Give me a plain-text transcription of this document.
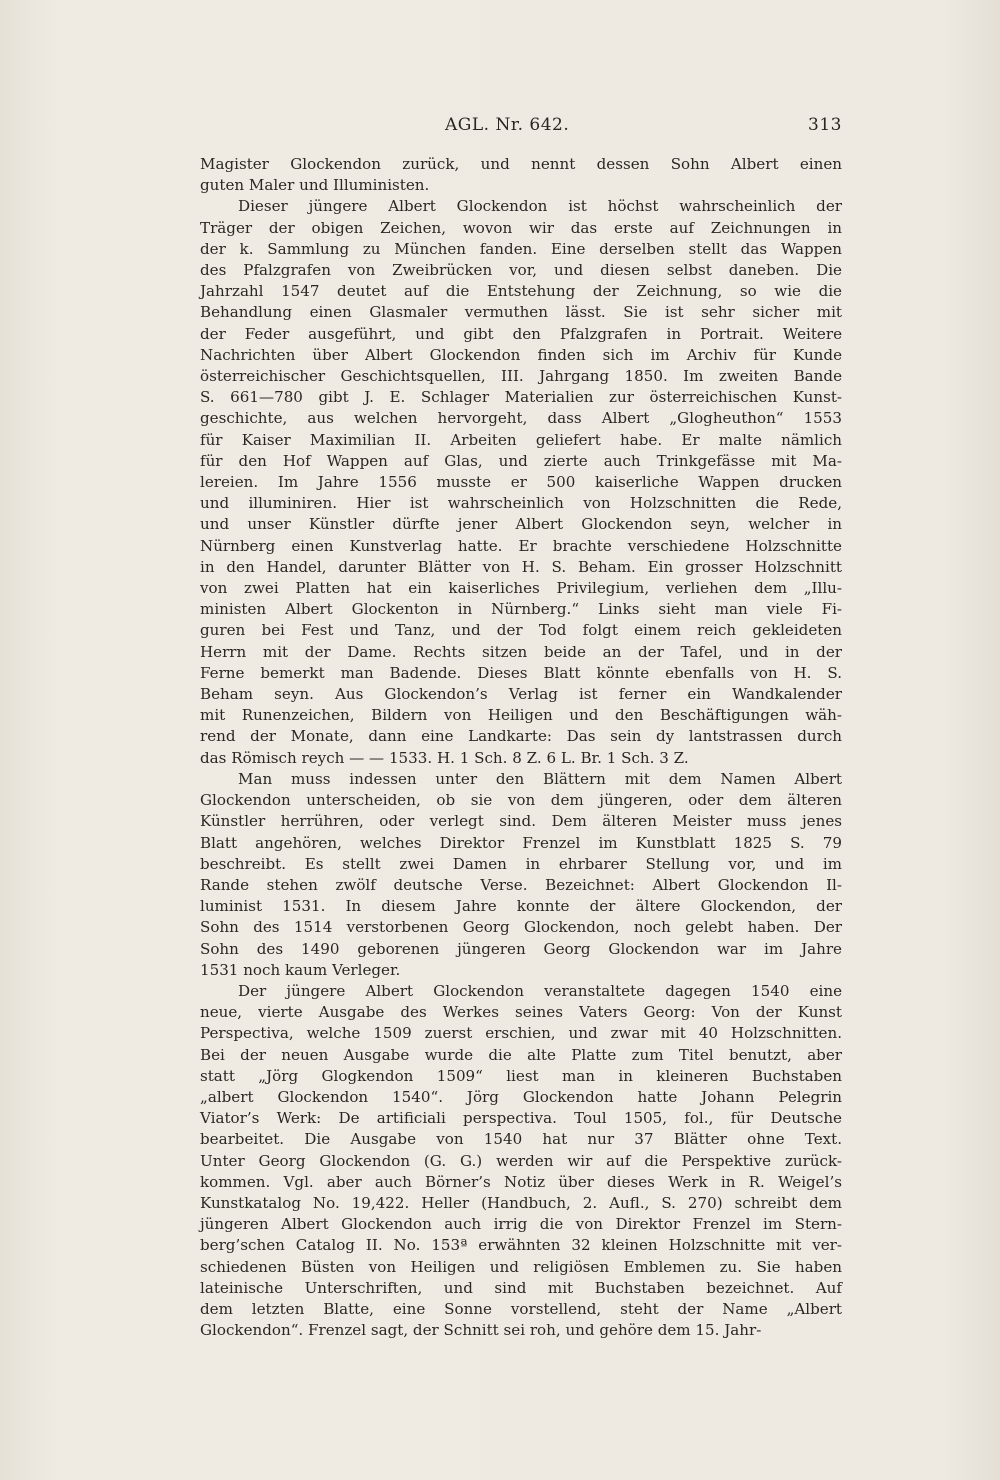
AGL. Nr. 642.	313
Magister Glockendon zurück, und nennt dessen Sohn Albert einen
guten Maler und Illuministen.
Dieser jüngere Albert Glockendon ist höchst wahrscheinlich der
Träger der obigen Zeichen, wovon wir das erste auf Zeichnungen in
der k. Sammlung zu München fanden. Eine derselben stellt das Wappen
des Pfalzgrafen von Zweibrücken vor, und diesen selbst daneben. Die
Jahrzahl 1547 deutet auf die Entstehung der Zeichnung, so wie die
Behandlung einen Glasmaler vermuthen lässt. Sie ist sehr sicher mit
der Feder ausgeführt, und gibt den Pfalzgrafen in Portrait. Weitere
Nachrichten über Albert Glockendon finden sich im Archiv für Kunde
österreichischer Geschichtsquellen, III. Jahrgang 1850. Im zweiten Bande
S. 661—780 gibt J. E. Schlager Materialien zur österreichischen Kunst-
geschichte, aus welchen hervorgeht, dass Albert „Glogheuthon“ 1553
für Kaiser Maximilian II. Arbeiten geliefert habe. Er malte nämlich
für den Hof Wappen auf Glas, und zierte auch Trinkgefässe mit Ma-
lereien. Im Jahre 1556 musste er 500 kaiserliche Wappen drucken
und illuminiren. Hier ist wahrscheinlich von Holzschnitten die Rede,
und unser Künstler dürfte jener Albert Glockendon seyn, welcher in
Nürnberg einen Kunstverlag hatte. Er brachte verschiedene Holzschnitte
in den Handel, darunter Blätter von H. S. Beham. Ein grosser Holzschnitt
von zwei Platten hat ein kaiserliches Privilegium, verliehen dem „Illu-
ministen Albert Glockenton in Nürnberg.“ Links sieht man viele Fi-
guren bei Fest und Tanz, und der Tod folgt einem reich gekleideten
Herrn mit der Dame. Rechts sitzen beide an der Tafel, und in der
Ferne bemerkt man Badende. Dieses Blatt könnte ebenfalls von H. S.
Beham seyn. Aus Glockendon’s Verlag ist ferner ein Wandkalender
mit Runenzeichen, Bildern von Heiligen und den Beschäftigungen wäh-
rend der Monate, dann eine Landkarte: Das sein dy lantstrassen durch
das Römisch reych — — 1533. H. 1 Sch. 8 Z. 6 L. Br. 1 Sch. 3 Z.
Man muss indessen unter den Blättern mit dem Namen Albert
Glockendon unterscheiden, ob sie von dem jüngeren, oder dem älteren
Künstler herrühren, oder verlegt sind. Dem älteren Meister muss jenes
Blatt angehören, welches Direktor Frenzel im Kunstblatt 1825 S. 79
beschreibt. Es stellt zwei Damen in ehrbarer Stellung vor, und im
Rande stehen zwölf deutsche Verse. Bezeichnet: Albert Glockendon Il-
luminist 1531. In diesem Jahre konnte der ältere Glockendon, der
Sohn des 1514 verstorbenen Georg Glockendon, noch gelebt haben. Der
Sohn des 1490 geborenen jüngeren Georg Glockendon war im Jahre
1531 noch kaum Verleger.
Der jüngere Albert Glockendon veranstaltete dagegen 1540 eine
neue, vierte Ausgabe des Werkes seines Vaters Georg: Von der Kunst
Perspectiva, welche 1509 zuerst erschien, und zwar mit 40 Holzschnitten.
Bei der neuen Ausgabe wurde die alte Platte zum Titel benutzt, aber
statt „Jörg Glogkendon 1509“ liest man in kleineren Buchstaben
„albert Glockendon 1540“. Jörg Glockendon hatte Johann Pelegrin
Viator’s Werk: De artificiali perspectiva. Toul 1505, fol., für Deutsche
bearbeitet. Die Ausgabe von 1540 hat nur 37 Blätter ohne Text.
Unter Georg Glockendon (G. G.) werden wir auf die Perspektive zurück-
kommen. Vgl. aber auch Börner’s Notiz über dieses Werk in R. Weigel’s
Kunstkatalog No. 19,422. Heller (Handbuch, 2. Aufl., S. 270) schreibt dem
jüngeren Albert Glockendon auch irrig die von Direktor Frenzel im Stern-
berg’schen Catalog II. No. 153ª erwähnten 32 kleinen Holzschnitte mit ver-
schiedenen Büsten von Heiligen und religiösen Emblemen zu. Sie haben
lateinische Unterschriften, und sind mit Buchstaben bezeichnet. Auf
dem letzten Blatte, eine Sonne vorstellend, steht der Name „Albert
Glockendon“. Frenzel sagt, der Schnitt sei roh, und gehöre dem 15. Jahr-
